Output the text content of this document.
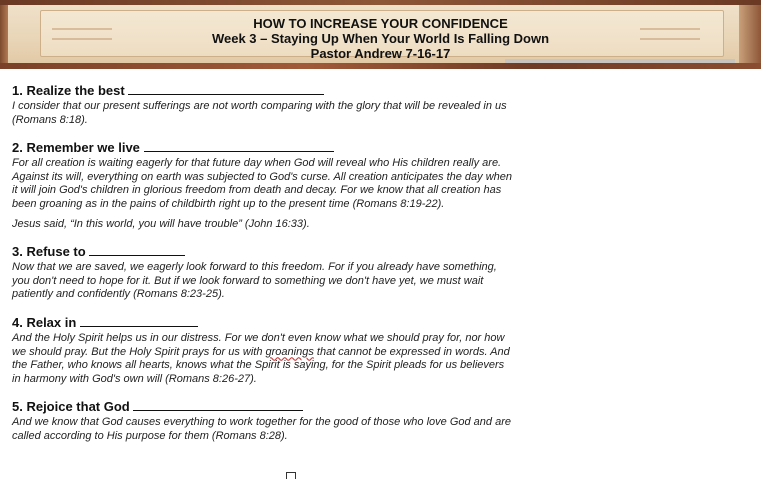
HOW TO INCREASE YOUR CONFIDENCE
Week 3 – Staying Up When Your World Is Falling Down
Pastor Andrew 7-16-17
1. Realize the best
I consider that our present sufferings are not worth comparing with the glory that will be revealed in us (Romans 8:18).
2. Remember we live
For all creation is waiting eagerly for that future day when God will reveal who His children really are. Against its will, everything on earth was subjected to God's curse. All creation anticipates the day when it will join God's children in glorious freedom from death and decay. For we know that all creation has been groaning as in the pains of childbirth right up to the present time (Romans 8:19-22).
Jesus said, “In this world, you will have trouble” (John 16:33).
3. Refuse to
Now that we are saved, we eagerly look forward to this freedom. For if you already have something, you don't need to hope for it. But if we look forward to something we don't have yet, we must wait patiently and confidently (Romans 8:23-25).
4. Relax in
And the Holy Spirit helps us in our distress. For we don't even know what we should pray for, nor how we should pray. But the Holy Spirit prays for us with groanings that cannot be expressed in words. And the Father, who knows all hearts, knows what the Spirit is saying, for the Spirit pleads for us believers in harmony with God's own will (Romans 8:26-27).
5. Rejoice that God
And we know that God causes everything to work together for the good of those who love God and are called according to His purpose for them (Romans 8:28).
